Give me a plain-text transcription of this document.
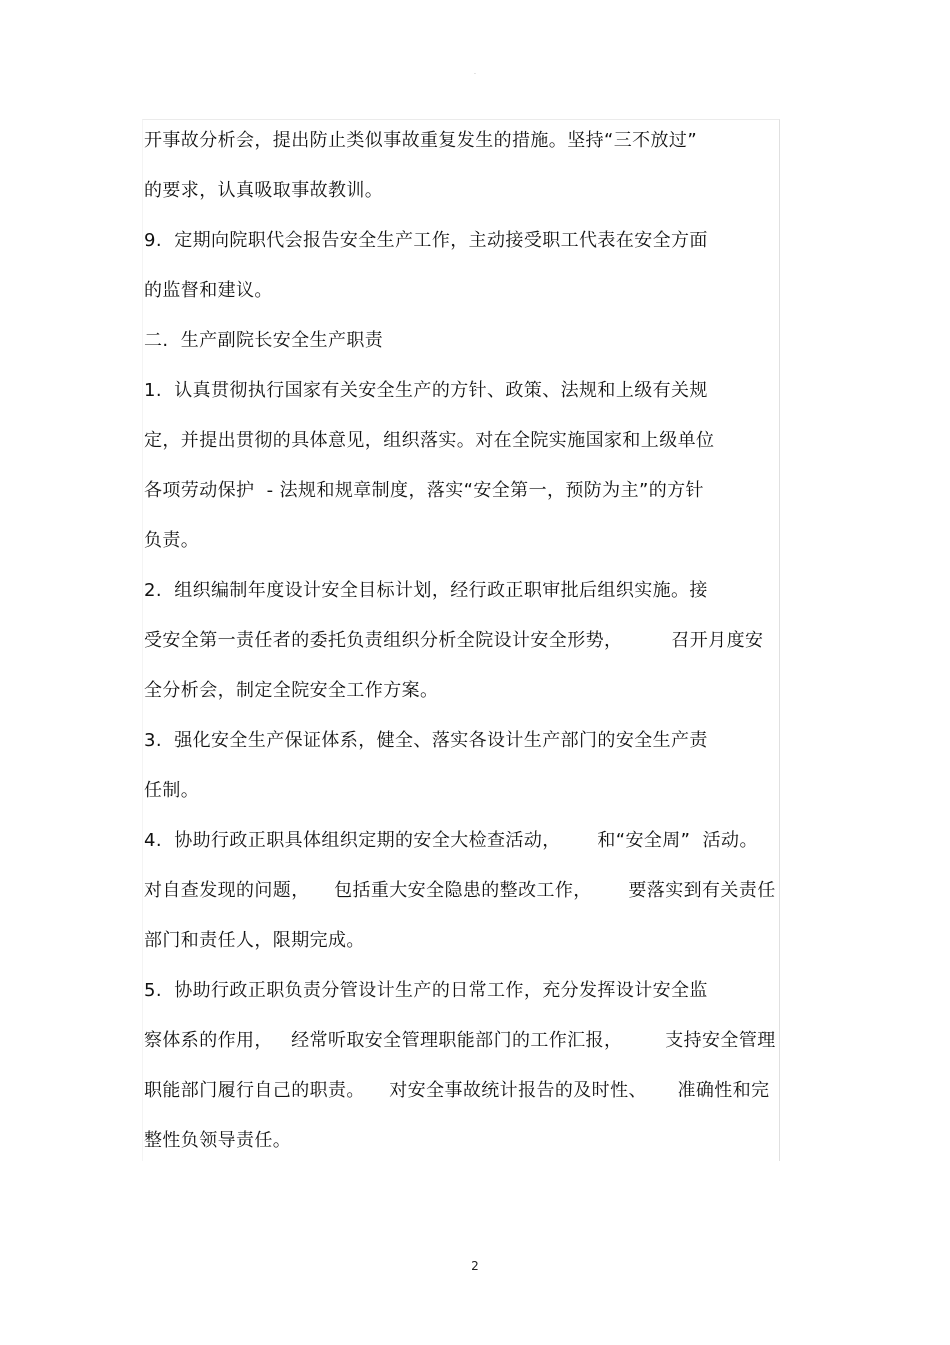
-
开事故分析会，提出防止类似事故重复发生的措施。坚持“三不放过”
的要求，认真吸取事故教训。
9.  定期向院职代会报告安全生产工作，主动接受职工代表在安全方面
的监督和建议。
二.  生产副院长安全生产职责
1.  认真贯彻执行国家有关安全生产的方针、政策、法规和上级有关规
定，并提出贯彻的具体意见，组织落实。对在全院实施国家和上级单位
各项劳动保护  - 法规和规章制度，落实“安全第一，预防为主”的方针
负责。
2.  组织编制年度设计安全目标计划，经行政正职审批后组织实施。接
受安全第一责任者的委托负责组织分析全院设计安全形势，        召开月度安
全分析会，制定全院安全工作方案。
3.  强化安全生产保证体系，健全、落实各设计生产部门的安全生产责
任制。
4.  协助行政正职具体组织定期的安全大检查活动，      和“安全周”  活动。
对自查发现的问题，    包括重大安全隐患的整改工作，      要落实到有关责任
部门和责任人，限期完成。
5.  协助行政正职负责分管设计生产的日常工作，充分发挥设计安全监
察体系的作用，   经常听取安全管理职能部门的工作汇报，       支持安全管理
职能部门履行自己的职责。    对安全事故统计报告的及时性、     准确性和完
整性负领导责任。
2
